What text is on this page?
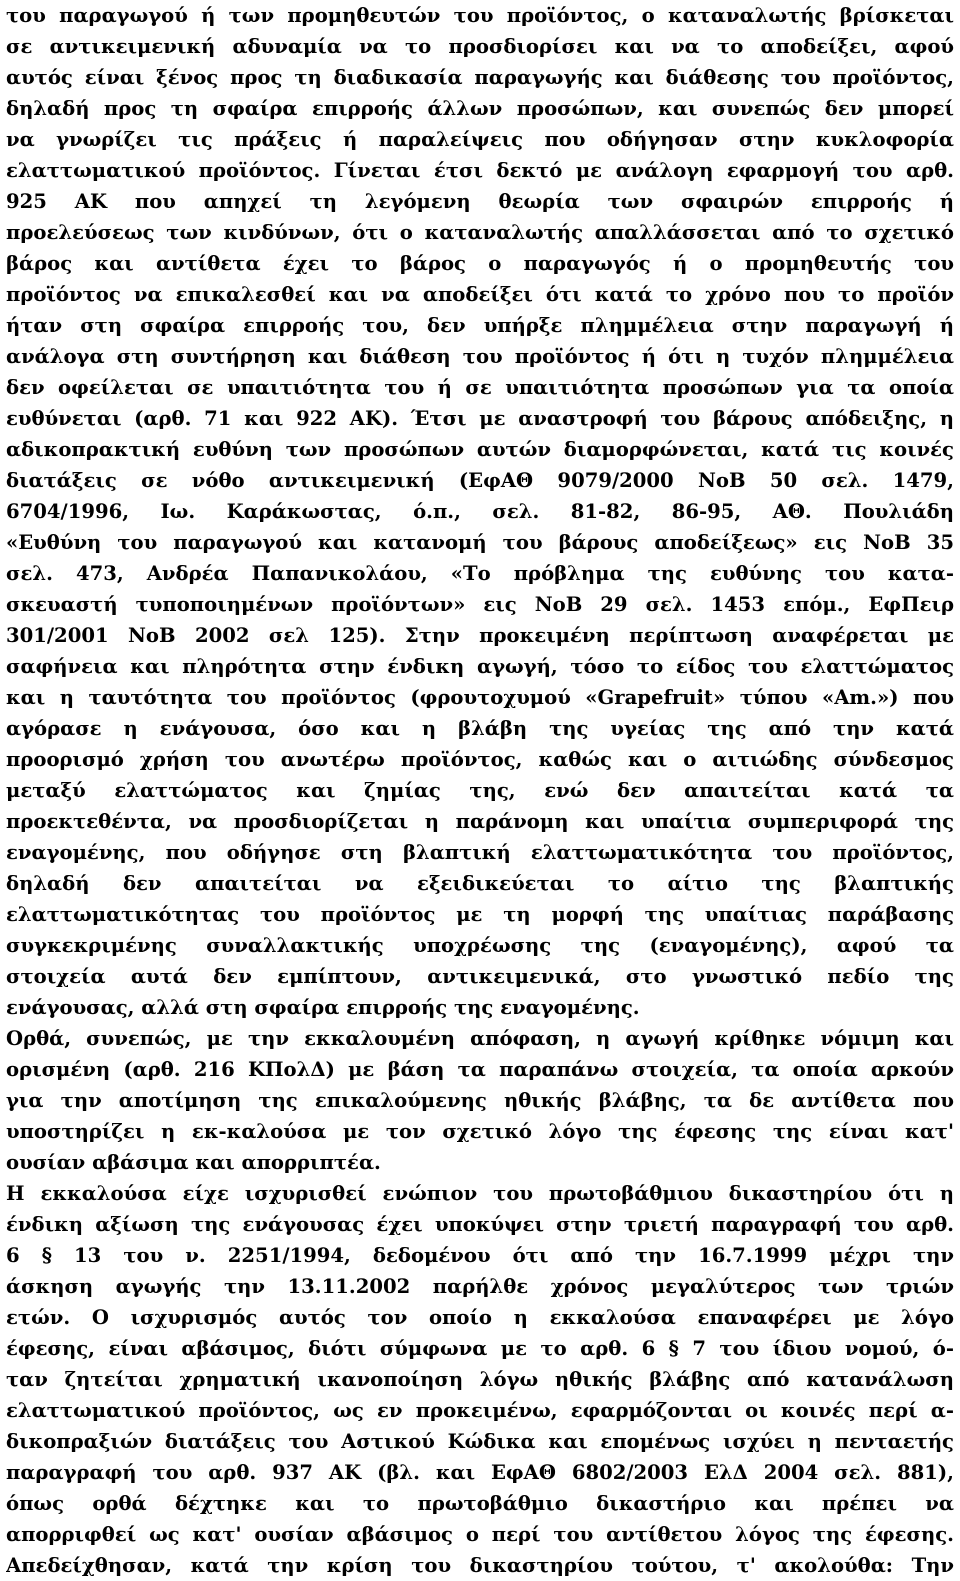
του παραγωγού ή των προμηθευτών του προϊόντος, ο καταναλωτής βρίσκεται
σε αντικειμενική αδυναμία να το προσδιορίσει και να το αποδείξει, αφού
αυτός είναι ξένος προς τη διαδικασία παραγωγής και διάθεσης του προϊόντος,
δηλαδή προς τη σφαίρα επιρροής άλλων προσώπων, και συνεπώς δεν μπορεί
να γνωρίζει τις πράξεις ή παραλείψεις που οδήγησαν στην κυκλοφορία
ελαττωματικού προϊόντος. Γίνεται έτσι δεκτό με ανάλογη εφαρμογή του αρθ.
925 ΑΚ που απηχεί τη λεγόμενη θεωρία των σφαιρών επιρροής ή
προελεύσεως των κινδύνων, ότι ο καταναλωτής απαλλάσσεται από το σχετικό
βάρος και αντίθετα έχει το βάρος ο παραγωγός ή ο προμηθευτής του
προϊόντος να επικαλεσθεί και να αποδείξει ότι κατά το χρόνο που το προϊόν
ήταν στη σφαίρα επιρροής του, δεν υπήρξε πλημμέλεια στην παραγωγή ή
ανάλογα στη συντήρηση και διάθεση του προϊόντος ή ότι η τυχόν πλημμέλεια
δεν οφείλεται σε υπαιτιότητα του ή σε υπαιτιότητα προσώπων για τα οποία
ευθύνεται (αρθ. 71 και 922 ΑΚ). Έτσι με αναστροφή του βάρους απόδειξης, η
αδικοπρακτική ευθύνη των προσώπων αυτών διαμορφώνεται, κατά τις κοινές
διατάξεις σε νόθο αντικειμενική (ΕφΑΘ 9079/2000 ΝοΒ 50 σελ. 1479,
6704/1996, Ιω. Καράκωστας, ό.π., σελ. 81-82, 86-95, ΑΘ. Πουλιάδη
«Ευθύνη του παραγωγού και κατανομή του βάρους αποδείξεως» εις ΝοΒ 35
σελ. 473, Ανδρέα Παπανικολάου, «Το πρόβλημα της ευθύνης του κατα-
σκευαστή τυποποιημένων προϊόντων» εις ΝοΒ 29 σελ. 1453 επόμ., ΕφΠειρ
301/2001 ΝοΒ 2002 σελ 125). Στην προκειμένη περίπτωση αναφέρεται με
σαφήνεια και πληρότητα στην ένδικη αγωγή, τόσο το είδος του ελαττώματος
και η ταυτότητα του προϊόντος (φρουτοχυμού «Grapefruit» τύπου «Am.») που
αγόρασε η ενάγουσα, όσο και η βλάβη της υγείας της από την κατά
προορισμό χρήση του ανωτέρω προϊόντος, καθώς και ο αιτιώδης σύνδεσμος
μεταξύ ελαττώματος και ζημίας της, ενώ δεν απαιτείται κατά τα
προεκτεθέντα, να προσδιορίζεται η παράνομη και υπαίτια συμπεριφορά της
εναγομένης, που οδήγησε στη βλαπτική ελαττωματικότητα του προϊόντος,
δηλαδή δεν απαιτείται να εξειδικεύεται το αίτιο της βλαπτικής
ελαττωματικότητας του προϊόντος με τη μορφή της υπαίτιας παράβασης
συγκεκριμένης συναλλακτικής υποχρέωσης της (εναγομένης), αφού τα
στοιχεία αυτά δεν εμπίπτουν, αντικειμενικά, στο γνωστικό πεδίο της
ενάγουσας, αλλά στη σφαίρα επιρροής της εναγομένης.
Ορθά, συνεπώς, με την εκκαλουμένη απόφαση, η αγωγή κρίθηκε νόμιμη και
ορισμένη (αρθ. 216 ΚΠολΔ) με βάση τα παραπάνω στοιχεία, τα οποία αρκούν
για την αποτίμηση της επικαλούμενης ηθικής βλάβης, τα δε αντίθετα που
υποστηρίζει η εκ-καλούσα με τον σχετικό λόγο της έφεσης της είναι κατ'
ουσίαν αβάσιμα και απορριπτέα.
Η εκκαλούσα είχε ισχυρισθεί ενώπιον του πρωτοβάθμιου δικαστηρίου ότι η
ένδικη αξίωση της ενάγουσας έχει υποκύψει στην τριετή παραγραφή του αρθ.
6 § 13 του ν. 2251/1994, δεδομένου ότι από την 16.7.1999 μέχρι την
άσκηση αγωγής την 13.11.2002 παρήλθε χρόνος μεγαλύτερος των τριών
ετών. Ο ισχυρισμός αυτός τον οποίο η εκκαλούσα επαναφέρει με λόγο
έφεσης, είναι αβάσιμος, διότι σύμφωνα με το αρθ. 6 § 7 του ίδιου νομού, ό-
ταν ζητείται χρηματική ικανοποίηση λόγω ηθικής βλάβης από κατανάλωση
ελαττωματικού προϊόντος, ως εν προκειμένω, εφαρμόζονται οι κοινές περί α-
δικοπραξιών διατάξεις του Αστικού Κώδικα και επομένως ισχύει η πενταετής
παραγραφή του αρθ. 937 ΑΚ (βλ. και ΕφΑΘ 6802/2003 ΕλΔ 2004 σελ. 881),
όπως ορθά δέχτηκε και το πρωτοβάθμιο δικαστήριο και πρέπει να
απορριφθεί ως κατ' ουσίαν αβάσιμος ο περί του αντίθετου λόγος της έφεσης.
Απεδείχθησαν, κατά την κρίση του δικαστηρίου τούτου, τ' ακολούθα: Την
